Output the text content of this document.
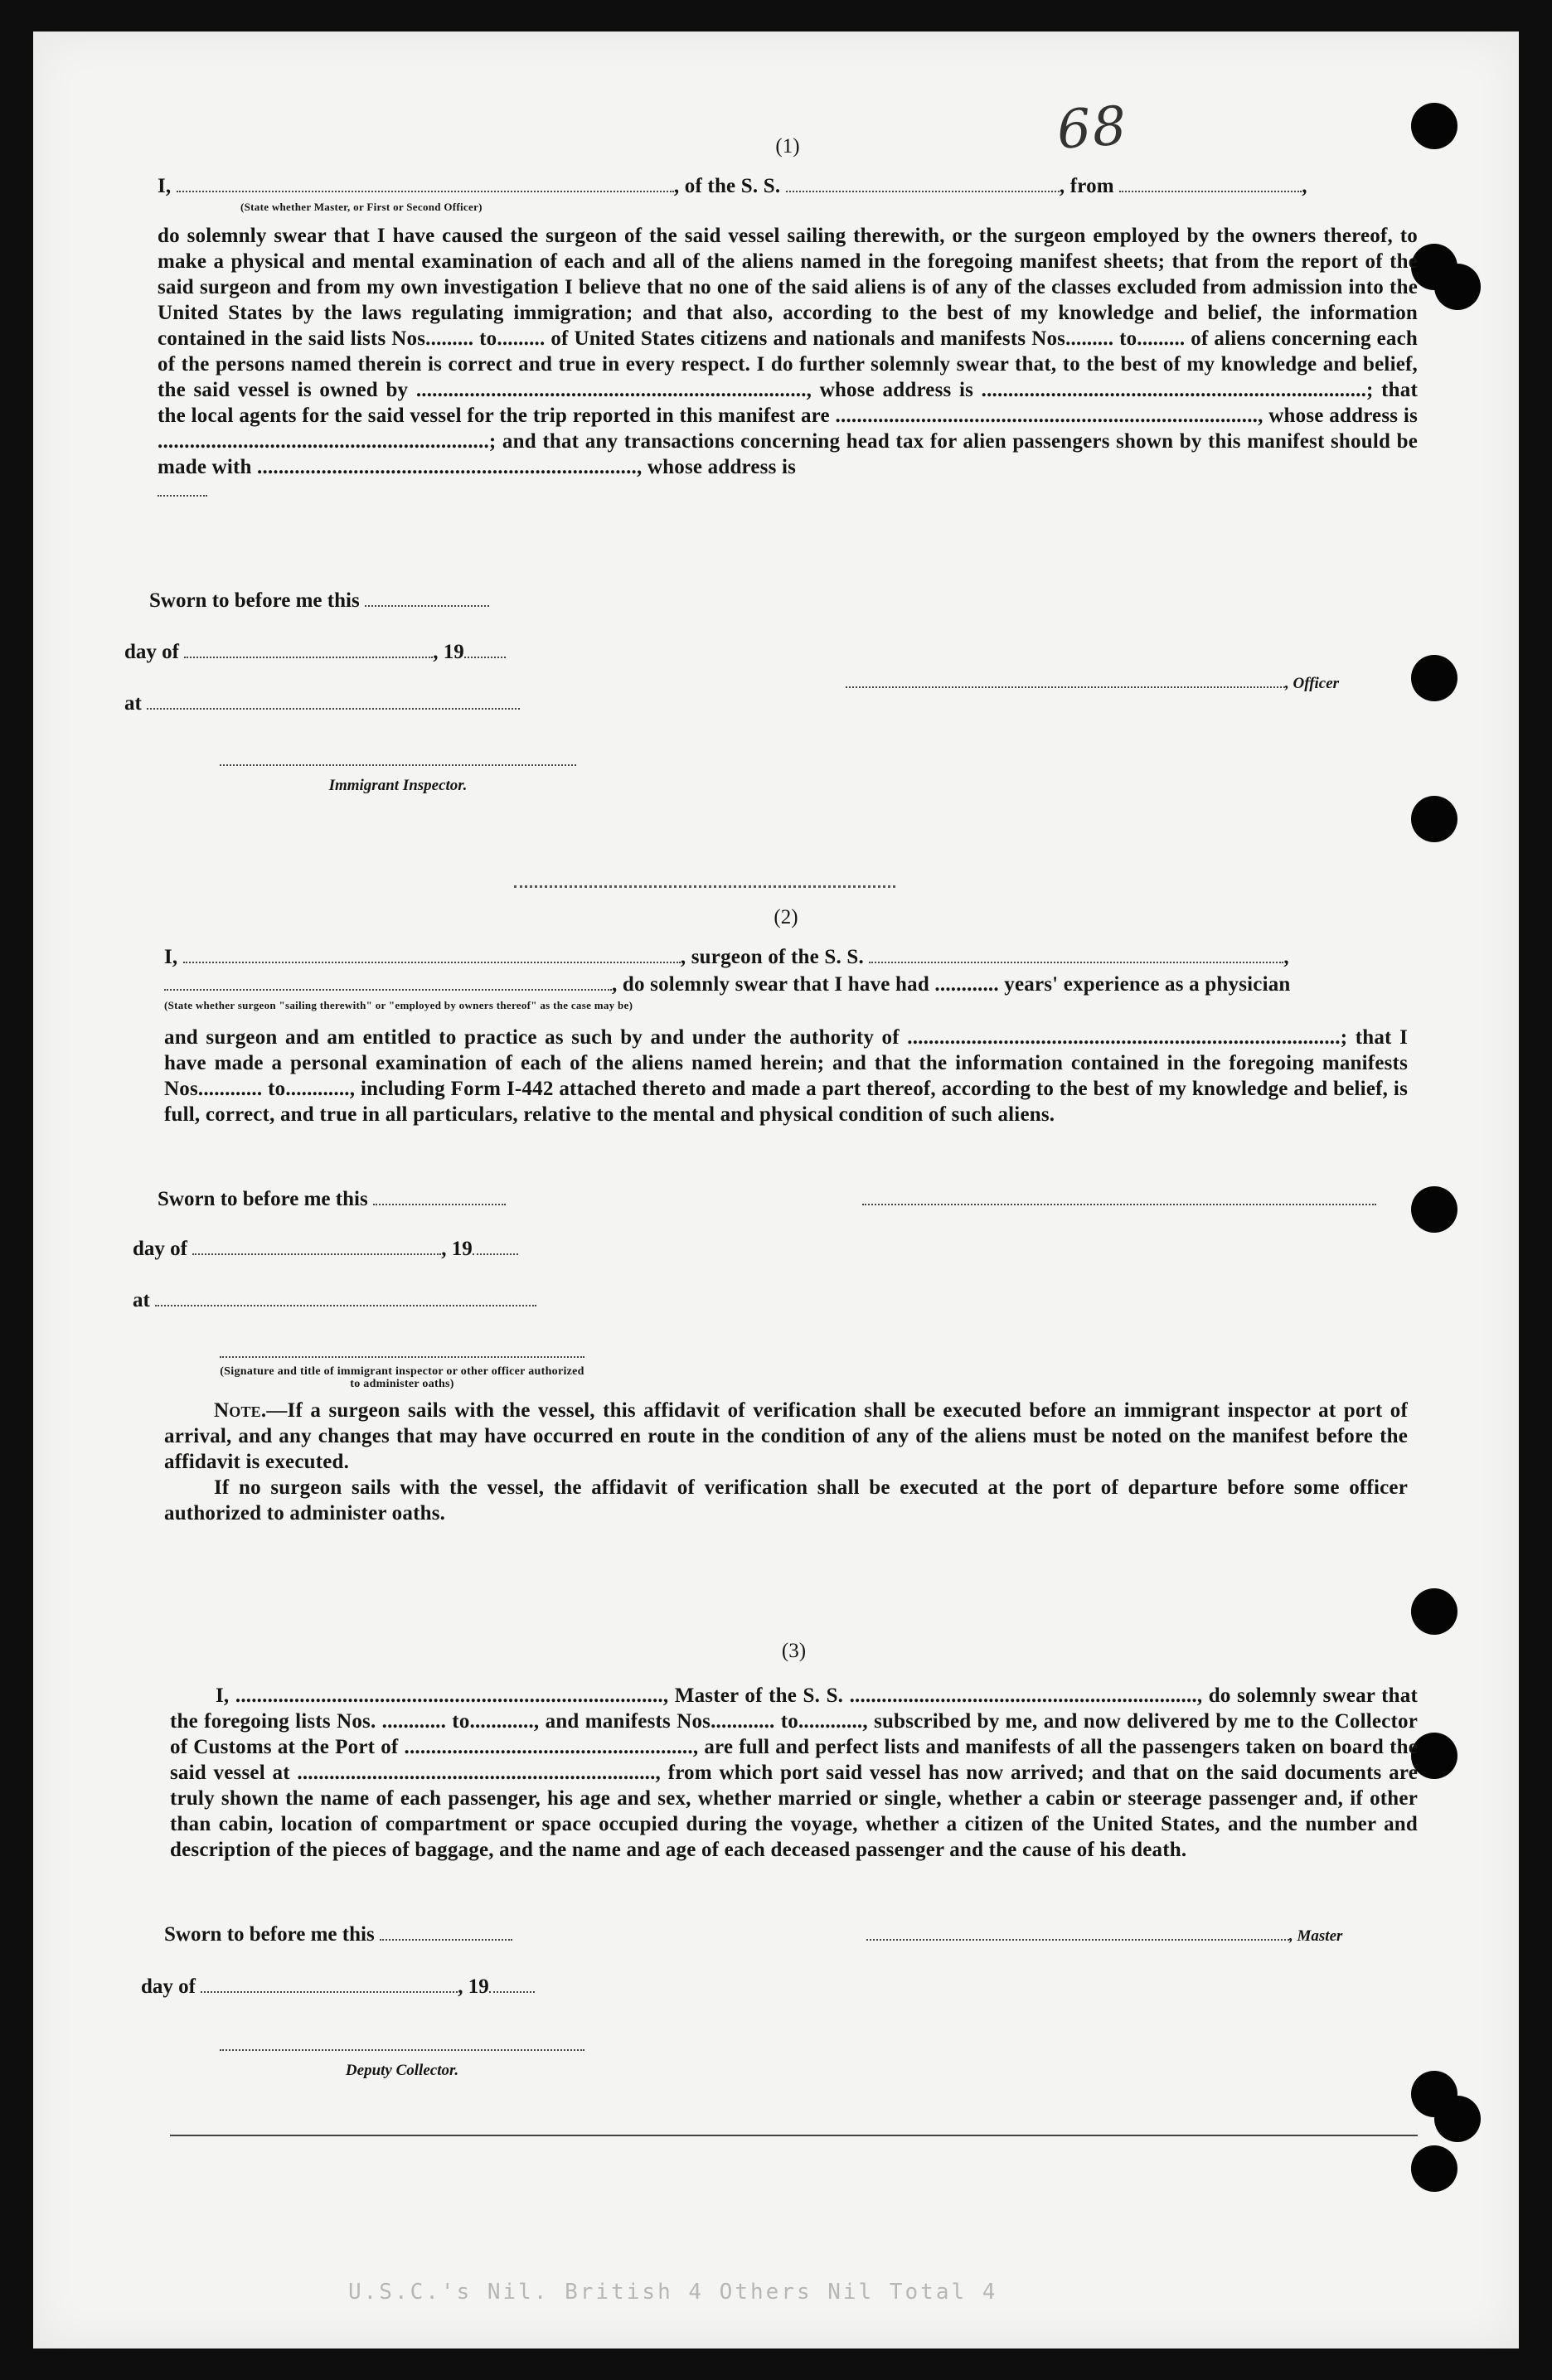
68
(1)
I,	, of the S. S.	, from	,
(State whether Master, or First or Second Officer)
do solemnly swear that I have caused the surgeon of the said vessel sailing therewith, or the surgeon employed by the owners thereof, to make a physical and mental examination of each and all of the aliens named in the foregoing manifest sheets; that from the report of the said surgeon and from my own investigation I believe that no one of the said aliens is of any of the classes excluded from admission into the United States by the laws regulating immigration; and that also, according to the best of my knowledge and belief, the information contained in the said lists Nos......... to......... of United States citizens and nationals and manifests Nos......... to......... of aliens concerning each of the persons named therein is correct and true in every respect. I do further solemnly swear that, to the best of my knowledge and belief, the said vessel is owned by ........................................................................., whose address is ........................................................................; that the local agents for the said vessel for the trip reported in this manifest are ..............................................................................., whose address is ..............................................................; and that any transactions concerning head tax for alien passengers shown by this manifest should be made with ......................................................................., whose address is
Sworn to before me this
day of	, 19
at
, Officer
Immigrant Inspector.
(2)
I,	, surgeon of the S. S.	,
, do solemnly swear that I have had ............ years' experience as a physician
(State whether surgeon "sailing therewith" or "employed by owners thereof" as the case may be)
and surgeon and am entitled to practice as such by and under the authority of .................................................................................; that I have made a personal examination of each of the aliens named herein; and that the information contained in the foregoing manifests Nos............ to............, including Form I-442 attached thereto and made a part thereof, according to the best of my knowledge and belief, is full, correct, and true in all particulars, relative to the mental and physical condition of such aliens.
Sworn to before me this
day of	, 19
at
(Signature and title of immigrant inspector or other officer authorized to administer oaths)
Note.—If a surgeon sails with the vessel, this affidavit of verification shall be executed before an immigrant inspector at port of arrival, and any changes that may have occurred en route in the condition of any of the aliens must be noted on the manifest before the affidavit is executed.
If no surgeon sails with the vessel, the affidavit of verification shall be executed at the port of departure before some officer authorized to administer oaths.
(3)
I, ................................................................................, Master of the S. S. ................................................................., do solemnly swear that the foregoing lists Nos. ............ to............, and manifests Nos............ to............, subscribed by me, and now delivered by me to the Collector of Customs at the Port of ......................................................, are full and perfect lists and manifests of all the passengers taken on board the said vessel at ..................................................................., from which port said vessel has now arrived; and that on the said documents are truly shown the name of each passenger, his age and sex, whether married or single, whether a cabin or steerage passenger and, if other than cabin, location of compartment or space occupied during the voyage, whether a citizen of the United States, and the number and description of the pieces of baggage, and the name and age of each deceased passenger and the cause of his death.
Sworn to before me this	, Master
day of	, 19
Deputy Collector.
U.S.C.'s Nil. British 4 Others Nil Total 4
